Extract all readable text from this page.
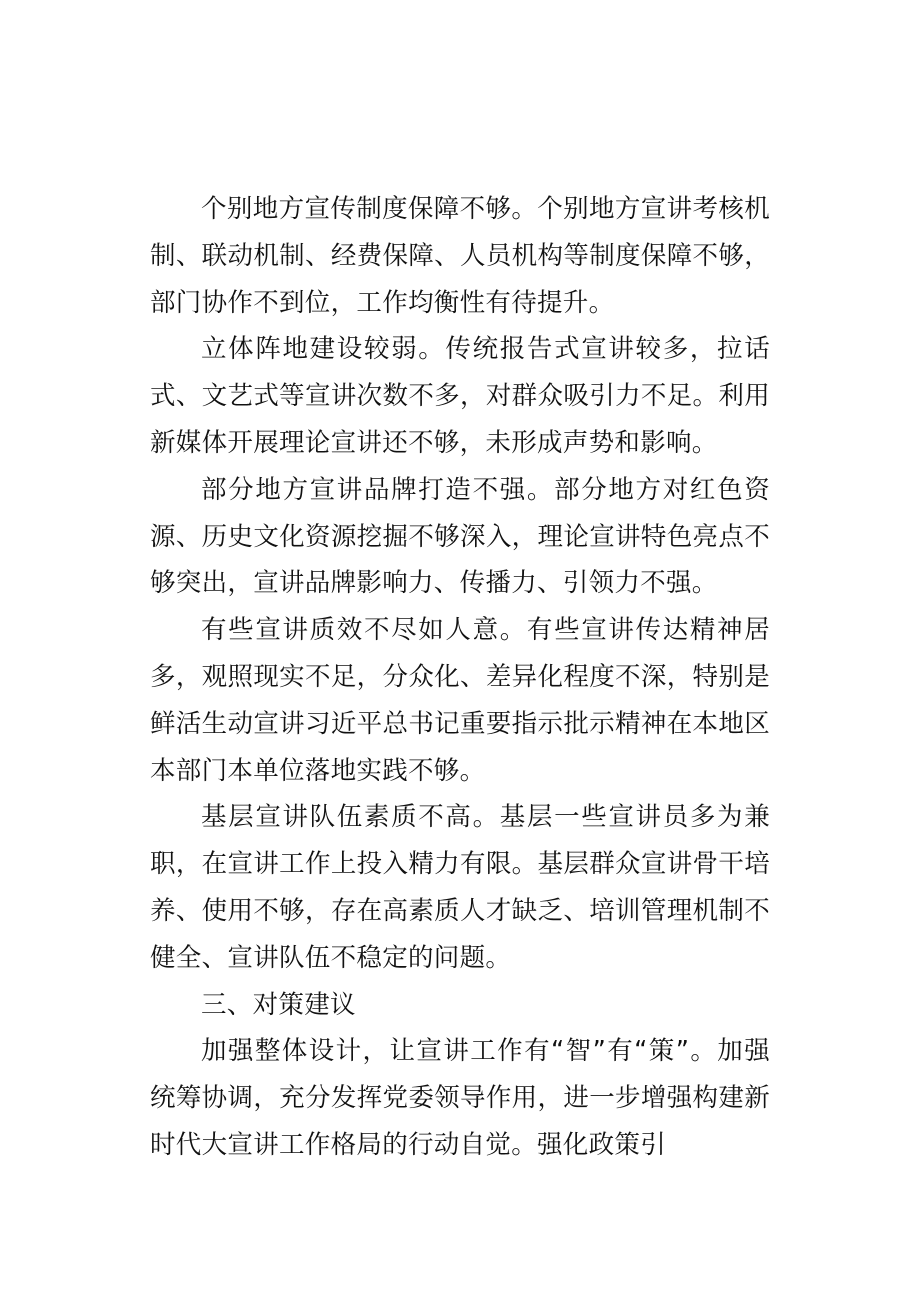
个别地方宣传制度保障不够。个别地方宣讲考核机制、联动机制、经费保障、人员机构等制度保障不够，部门协作不到位，工作均衡性有待提升。

立体阵地建设较弱。传统报告式宣讲较多，拉话式、文艺式等宣讲次数不多，对群众吸引力不足。利用新媒体开展理论宣讲还不够，未形成声势和影响。

部分地方宣讲品牌打造不强。部分地方对红色资源、历史文化资源挖掘不够深入，理论宣讲特色亮点不够突出，宣讲品牌影响力、传播力、引领力不强。

有些宣讲质效不尽如人意。有些宣讲传达精神居多，观照现实不足，分众化、差异化程度不深，特别是鲜活生动宣讲习近平总书记重要指示批示精神在本地区本部门本单位落地实践不够。

基层宣讲队伍素质不高。基层一些宣讲员多为兼职，在宣讲工作上投入精力有限。基层群众宣讲骨干培养、使用不够，存在高素质人才缺乏、培训管理机制不健全、宣讲队伍不稳定的问题。

三、对策建议

加强整体设计，让宣讲工作有“智”有“策”。加强统筹协调，充分发挥党委领导作用，进一步增强构建新时代大宣讲工作格局的行动自觉。强化政策引
